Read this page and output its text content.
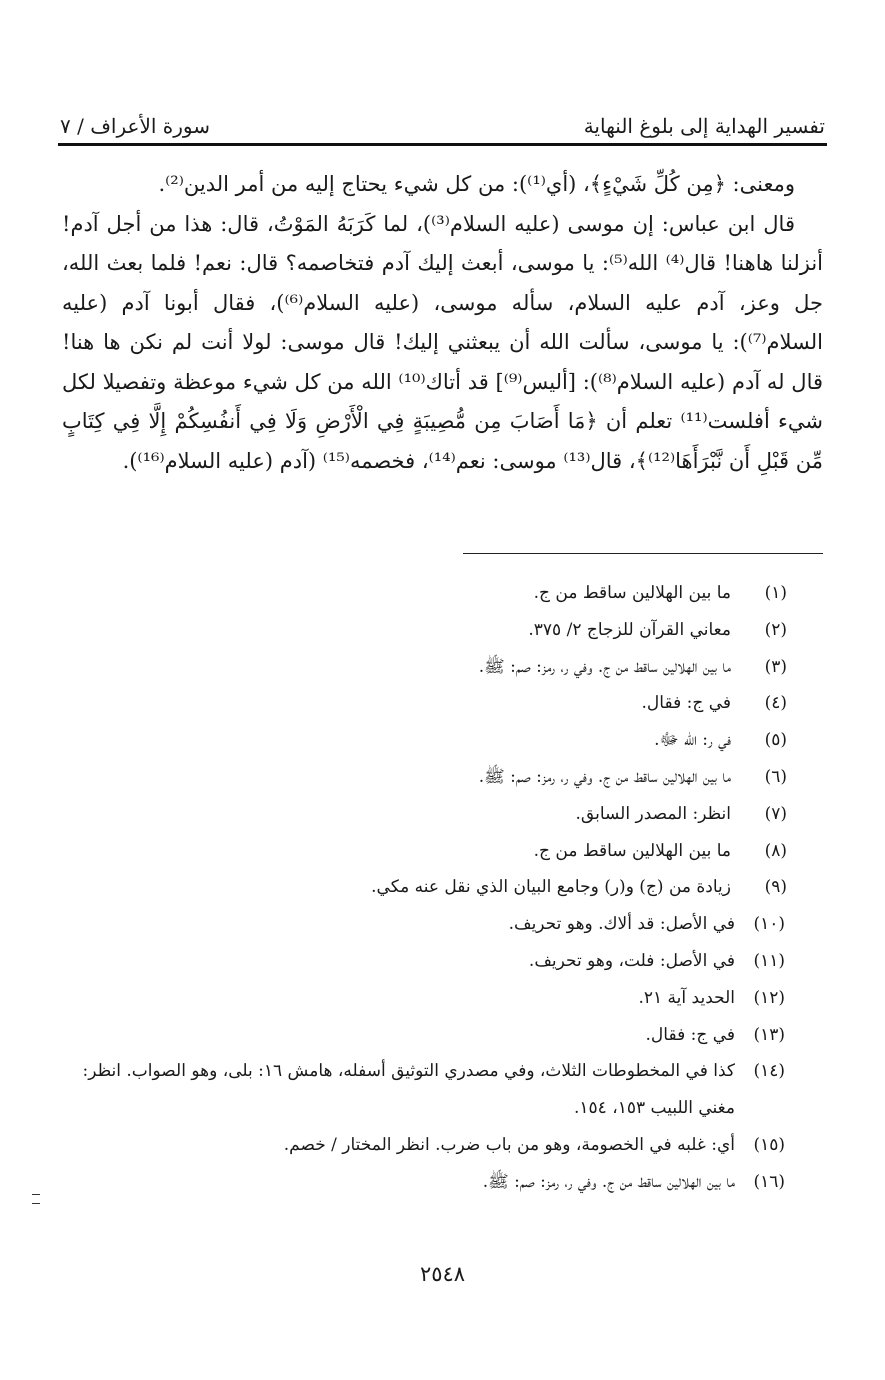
تفسير الهداية إلى بلوغ النهاية
سورة الأعراف / ٧

ومعنى: ﴿مِن كُلِّ شَيْءٍ﴾، (أي⁽¹⁾): من كل شيء يحتاج إليه من أمر الدين⁽²⁾.

قال ابن عباس: إن موسى (عليه السلام⁽³⁾)، لما كَرَبَهُ المَوْتُ، قال: هذا من أجل آدم! أنزلنا هاهنا! قال⁽⁴⁾ الله⁽⁵⁾: يا موسى، أبعث إليك آدم فتخاصمه؟ قال: نعم! فلما بعث الله، جل وعز، آدم عليه السلام، سأله موسى، (عليه السلام⁽⁶⁾)، فقال أبونا آدم (عليه السلام⁽⁷⁾): يا موسى، سألت الله أن يبعثني إليك! قال موسى: لولا أنت لم نكن ها هنا! قال له آدم (عليه السلام⁽⁸⁾): [أليس⁽⁹⁾] قد أتاك⁽¹⁰⁾ الله من كل شيء موعظة وتفصيلا لكل شيء أفلست⁽¹¹⁾ تعلم أن ﴿مَا أَصَابَ مِن مُّصِيبَةٍ فِي الْأَرْضِ وَلَا فِي أَنفُسِكُمْ إِلَّا فِي كِتَابٍ مِّن قَبْلِ أَن نَّبْرَأَهَا⁽¹²⁾﴾، قال⁽¹³⁾ موسى: نعم⁽¹⁴⁾، فخصمه⁽¹⁵⁾ (آدم (عليه السلام⁽¹⁶⁾).

(١)
ما بين الهلالين ساقط من ج.
(٢)
معاني القرآن للزجاج ٢/ ٣٧٥.
(٣)
ما بين الهلالين ساقط من ج. وفي ر، رمز: صم: ﷺ.
(٤)
في ج: فقال.
(٥)
في ر: الله ﷻ.
(٦)
ما بين الهلالين ساقط من ج. وفي ر، رمز: صم: ﷺ.
(٧)
انظر: المصدر السابق.
(٨)
ما بين الهلالين ساقط من ج.
(٩)
زيادة من (ج) و(ر) وجامع البيان الذي نقل عنه مكي.
(١٠)
في الأصل: قد ألاك. وهو تحريف.
(١١)
في الأصل: فلت، وهو تحريف.
(١٢)
الحديد آية ٢١.
(١٣)
في ج: فقال.
(١٤)
كذا في المخطوطات الثلاث، وفي مصدري التوثيق أسفله، هامش ١٦: بلى، وهو الصواب. انظر: مغني اللبيب ١٥٣، ١٥٤.
(١٥)
أي: غلبه في الخصومة، وهو من باب ضرب. انظر المختار / خصم.
(١٦)
ما بين الهلالين ساقط من ج. وفي ر، رمز: صم: ﷺ.
٢٥٤٨
